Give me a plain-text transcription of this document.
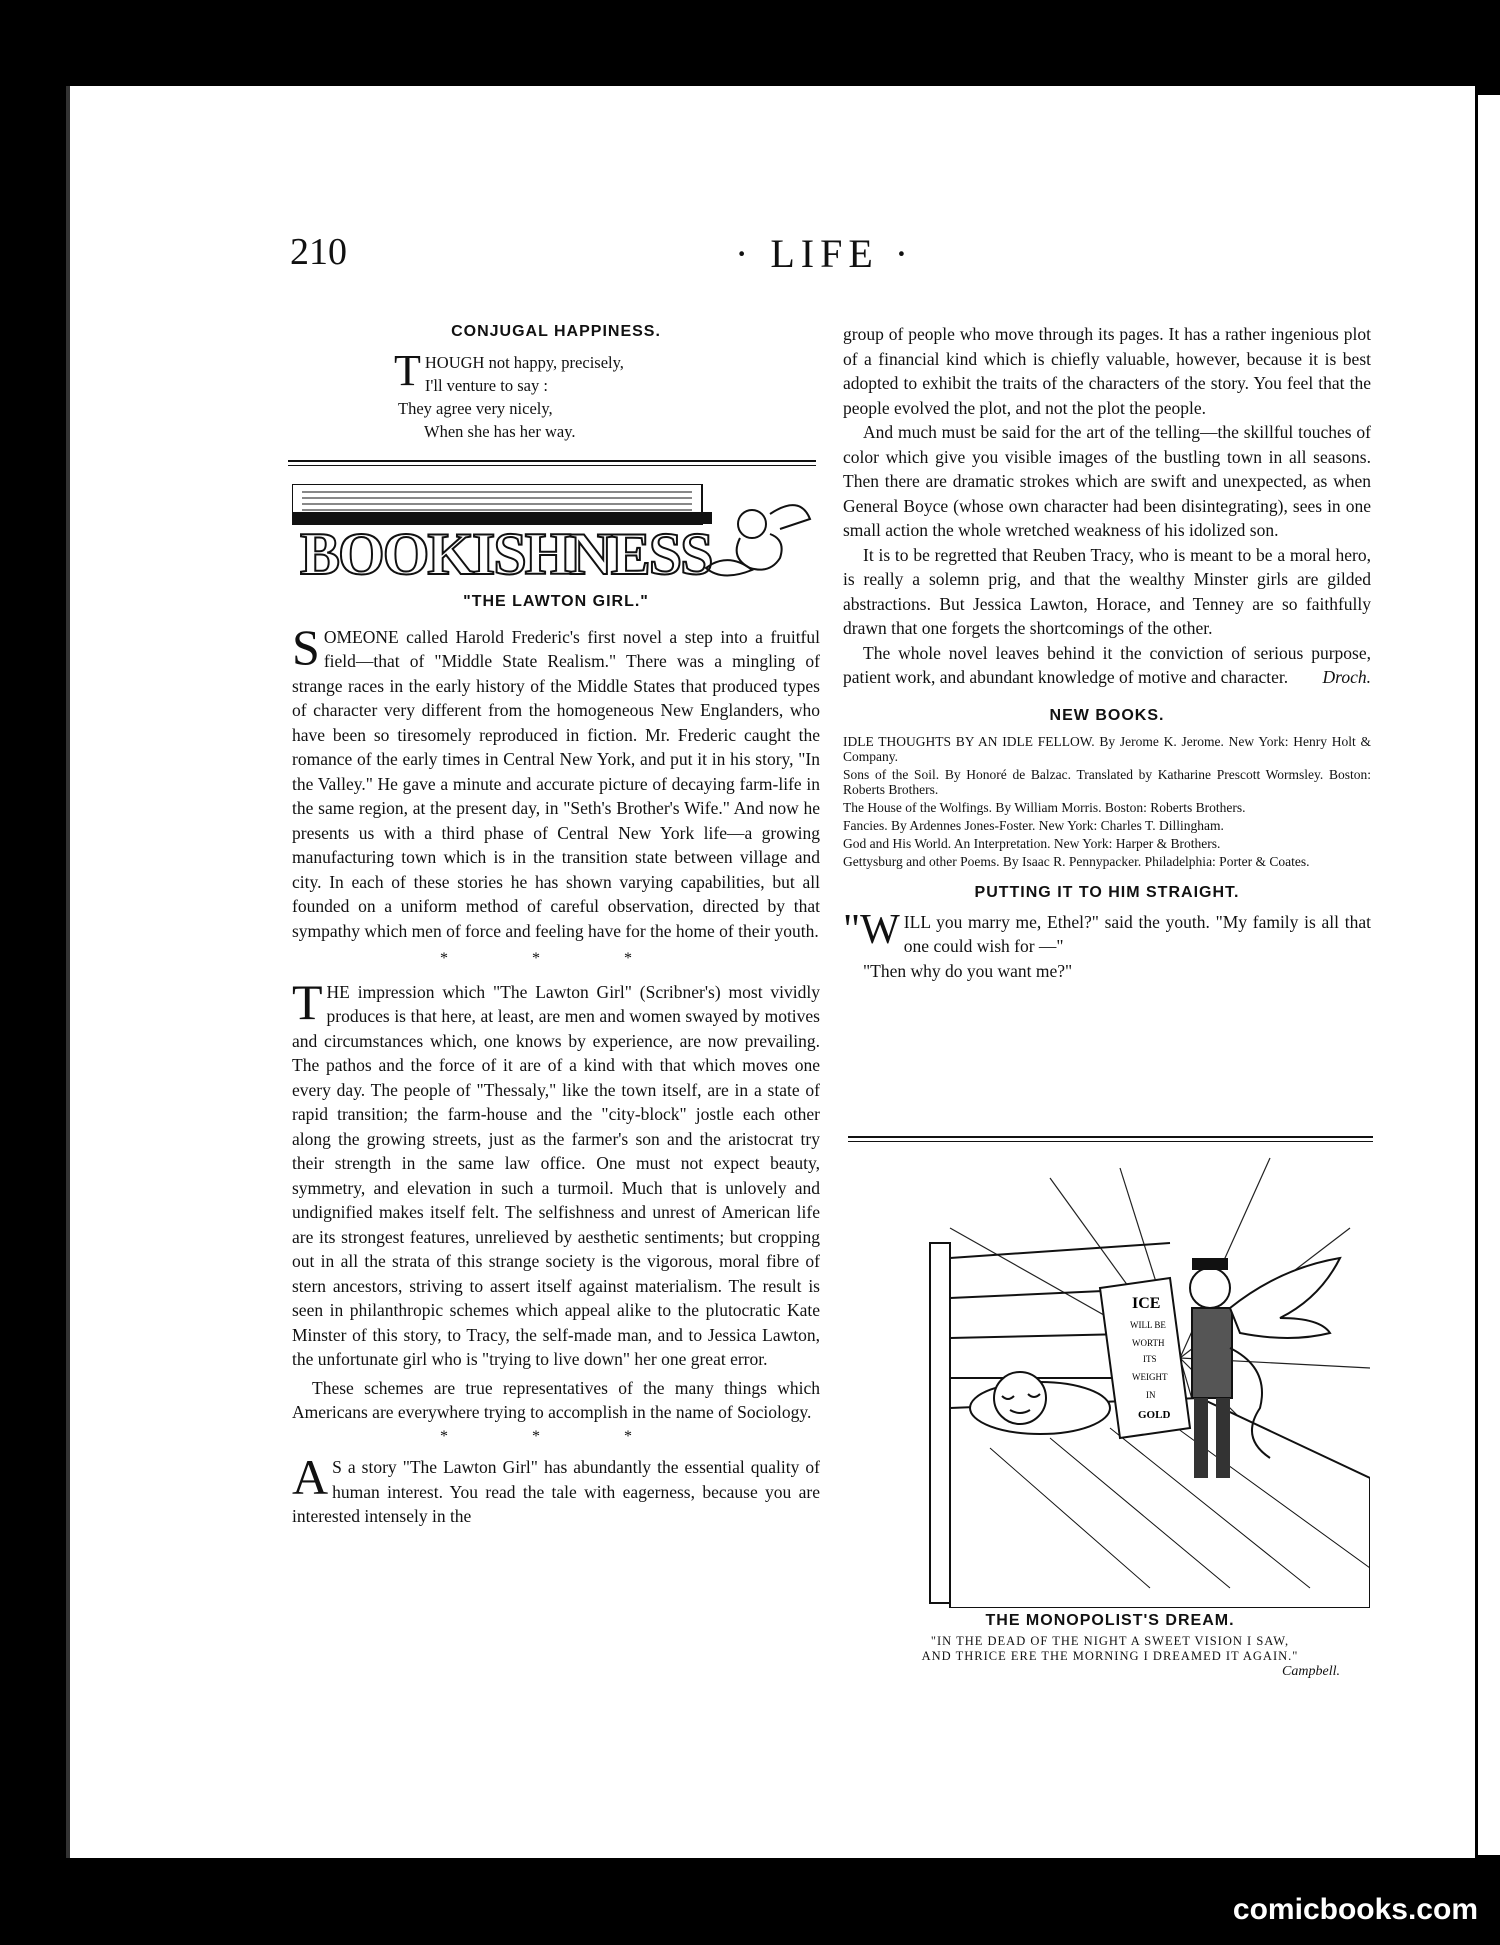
210	· LIFE ·
CONJUGAL HAPPINESS.
T HOUGH not happy, precisely,
I'll venture to say :
They agree very nicely,
When she has her way.
BOOKISHNESS
"THE LAWTON GIRL."

SOMEONE called Harold Frederic's first novel a step into a fruitful field—that of "Middle State Realism." There was a mingling of strange races in the early history of the Middle States that produced types of character very different from the homogeneous New Englanders, who have been so tiresomely reproduced in fiction. Mr. Frederic caught the romance of the early times in Central New York, and put it in his story, "In the Valley." He gave a minute and accurate picture of decaying farm-life in the same region, at the present day, in "Seth's Brother's Wife." And now he presents us with a third phase of Central New York life—a growing manufacturing town which is in the transition state between village and city. In each of these stories he has shown varying capabilities, but all founded on a uniform method of careful observation, directed by that sympathy which men of force and feeling have for the home of their youth.

* * *

THE impression which "The Lawton Girl" (Scribner's) most vividly produces is that here, at least, are men and women swayed by motives and circumstances which, one knows by experience, are now prevailing. The pathos and the force of it are of a kind with that which moves one every day. The people of "Thessaly," like the town itself, are in a state of rapid transition; the farm-house and the "city-block" jostle each other along the growing streets, just as the farmer's son and the aristocrat try their strength in the same law office. One must not expect beauty, symmetry, and elevation in such a turmoil. Much that is unlovely and undignified makes itself felt. The selfishness and unrest of American life are its strongest features, unrelieved by aesthetic sentiments; but cropping out in all the strata of this strange society is the vigorous, moral fibre of stern ancestors, striving to assert itself against materialism. The result is seen in philanthropic schemes which appeal alike to the plutocratic Kate Minster of this story, to Tracy, the self-made man, and to Jessica Lawton, the unfortunate girl who is "trying to live down" her one great error.

These schemes are true representatives of the many things which Americans are everywhere trying to accomplish in the name of Sociology.

* * *

A S a story "The Lawton Girl" has abundantly the essential quality of human interest. You read the tale with eagerness, because you are interested intensely in the

group of people who move through its pages. It has a rather ingenious plot of a financial kind which is chiefly valuable, however, because it is best adopted to exhibit the traits of the characters of the story. You feel that the people evolved the plot, and not the plot the people.

And much must be said for the art of the telling—the skillful touches of color which give you visible images of the bustling town in all seasons. Then there are dramatic strokes which are swift and unexpected, as when General Boyce (whose own character had been disintegrating), sees in one small action the whole wretched weakness of his idolized son.

It is to be regretted that Reuben Tracy, who is meant to be a moral hero, is really a solemn prig, and that the wealthy Minster girls are gilded abstractions. But Jessica Lawton, Horace, and Tenney are so faithfully drawn that one forgets the shortcomings of the other.

The whole novel leaves behind it the conviction of serious purpose, patient work, and abundant knowledge of motive and character.	Droch.

NEW BOOKS.

IDLE THOUGHTS BY AN IDLE FELLOW. By Jerome K. Jerome. New York: Henry Holt & Company.

Sons of the Soil. By Honoré de Balzac. Translated by Katharine Prescott Wormsley. Boston: Roberts Brothers.

The House of the Wolfings. By William Morris. Boston: Roberts Brothers.

Fancies. By Ardennes Jones-Foster. New York: Charles T. Dillingham.

God and His World. An Interpretation. New York: Harper & Brothers.

Gettysburg and other Poems. By Isaac R. Pennypacker. Philadelphia: Porter & Coates.

PUTTING IT TO HIM STRAIGHT.

"WILL you marry me, Ethel?" said the youth. "My family is all that one could wish for —"

"Then why do you want me?"

ICE
WILL BE
WORTH
ITS
WEIGHT
IN
GOLD
THE MONOPOLIST'S DREAM.
"IN THE DEAD OF THE NIGHT A SWEET VISION I SAW,
AND THRICE ERE THE MORNING I DREAMED IT AGAIN."
Campbell.
comicbooks.com
